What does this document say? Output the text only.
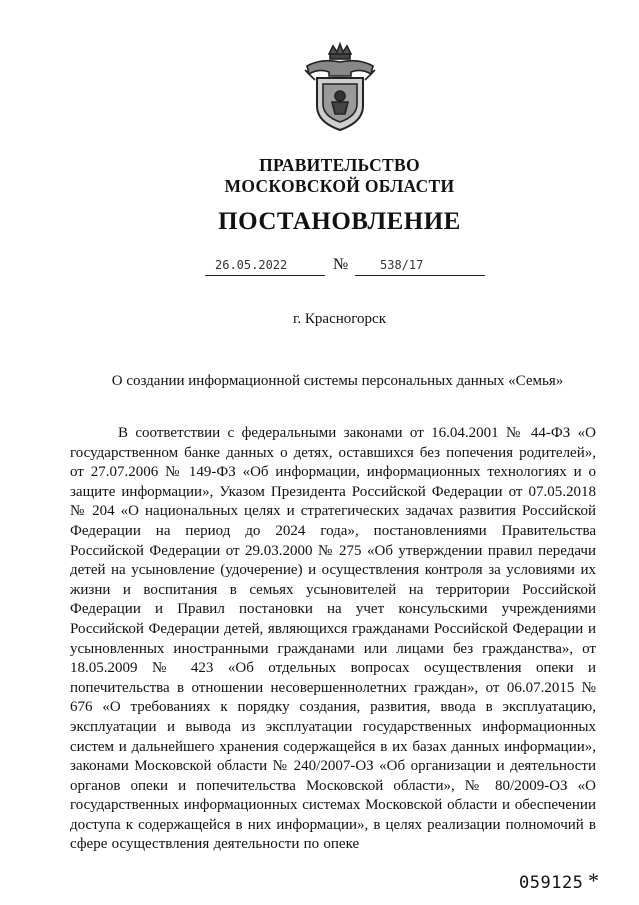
ПРАВИТЕЛЬСТВО
МОСКОВСКОЙ ОБЛАСТИ
ПОСТАНОВЛЕНИЕ
26.05.2022	№	538/17
г. Красногорск
О создании информационной системы персональных данных «Семья»
В соответствии с федеральными законами от 16.04.2001 № 44-ФЗ «О государственном банке данных о детях, оставшихся без попечения родителей», от 27.07.2006 № 149-ФЗ «Об информации, информационных технологиях и о защите информации», Указом Президента Российской Федерации от 07.05.2018 № 204 «О национальных целях и стратегических задачах развития Российской Федерации на период до 2024 года», постановлениями Правительства Российской Федерации от 29.03.2000 № 275 «Об утверждении правил передачи детей на усыновление (удочерение) и осуществления контроля за условиями их жизни и воспитания в семьях усыновителей на территории Российской Федерации и Правил постановки на учет консульскими учреждениями Российской Федерации детей, являющихся гражданами Российской Федерации и усыновленных иностранными гражданами или лицами без гражданства», от 18.05.2009 № 423 «Об отдельных вопросах осуществления опеки и попечительства в отношении несовершеннолетних граждан», от 06.07.2015 № 676 «О требованиях к порядку создания, развития, ввода в эксплуатацию, эксплуатации и вывода из эксплуатации государственных информационных систем и дальнейшего хранения содержащейся в их базах данных информации», законами Московской области № 240/2007-ОЗ «Об организации и деятельности органов опеки и попечительства Московской области», № 80/2009-ОЗ «О государственных информационных системах Московской области и обеспечении доступа к содержащейся в них информации», в целях реализации полномочий в сфере осуществления деятельности по опеке
059125 *
